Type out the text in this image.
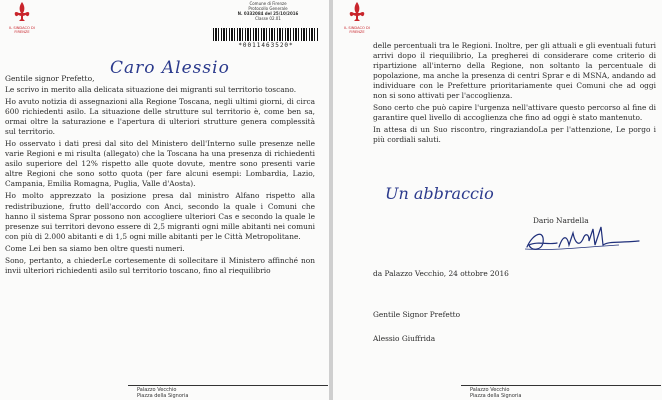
IL SINDACO DI FIRENZE
Comune di Firenze
Protocollo Generale
N. 0332084 del 25/10/2016
Classe 02.01
*0011463520*
Caro Alessio
Gentile signor Prefetto,

Le scrivo in merito alla delicata situazione dei migranti sul territorio toscano.

Ho avuto notizia di assegnazioni alla Regione Toscana, negli ultimi giorni, di circa 600 richiedenti asilo. La situazione delle strutture sul territorio è, come ben sa, ormai oltre la saturazione e l'apertura di ulteriori strutture genera complessità sul territorio.

Ho osservato i dati presi dal sito del Ministero dell'Interno sulle presenze nelle varie Regioni e mi risulta (allegato) che la Toscana ha una presenza di richiedenti asilo superiore del 12% rispetto alle quote dovute, mentre sono presenti varie altre Regioni che sono sotto quota (per fare alcuni esempi: Lombardia, Lazio, Campania, Emilia Romagna, Puglia, Valle d'Aosta).

Ho molto apprezzato la posizione presa dal ministro Alfano rispetto alla redistribuzione, frutto dell'accordo con Anci, secondo la quale i Comuni che hanno il sistema Sprar possono non accogliere ulteriori Cas e secondo la quale le presenze sui territori devono essere di 2,5 migranti ogni mille abitanti nei comuni con più di 2.000 abitanti e di 1,5 ogni mille abitanti per le Città Metropolitane.

Come Lei ben sa siamo ben oltre questi numeri.

Sono, pertanto, a chiederLe cortesemente di sollecitare il Ministero affinché non invii ulteriori richiedenti asilo sul territorio toscano, fino al riequilibrio

Palazzo Vecchio
Piazza della Signoria
IL SINDACO DI FIRENZE

delle percentuali tra le Regioni. Inoltre, per gli attuali e gli eventuali futuri arrivi dopo il riequilibrio, La pregherei di considerare come criterio di ripartizione all'interno della Regione, non soltanto la percentuale di popolazione, ma anche la presenza di centri Sprar e di MSNA, andando ad individuare con le Prefetture prioritariamente quei Comuni che ad oggi non si sono attivati per l'accoglienza.

Sono certo che può capire l'urgenza nell'attivare questo percorso al fine di garantire quel livello di accoglienza che fino ad oggi è stato mantenuto.

In attesa di un Suo riscontro, ringraziandoLa per l'attenzione, Le porgo i più cordiali saluti.

Un abbraccio
Dario Nardella
da Palazzo Vecchio, 24 ottobre 2016
Gentile Signor Prefetto
Alessio Giuffrida
Palazzo Vecchio
Piazza della Signoria
